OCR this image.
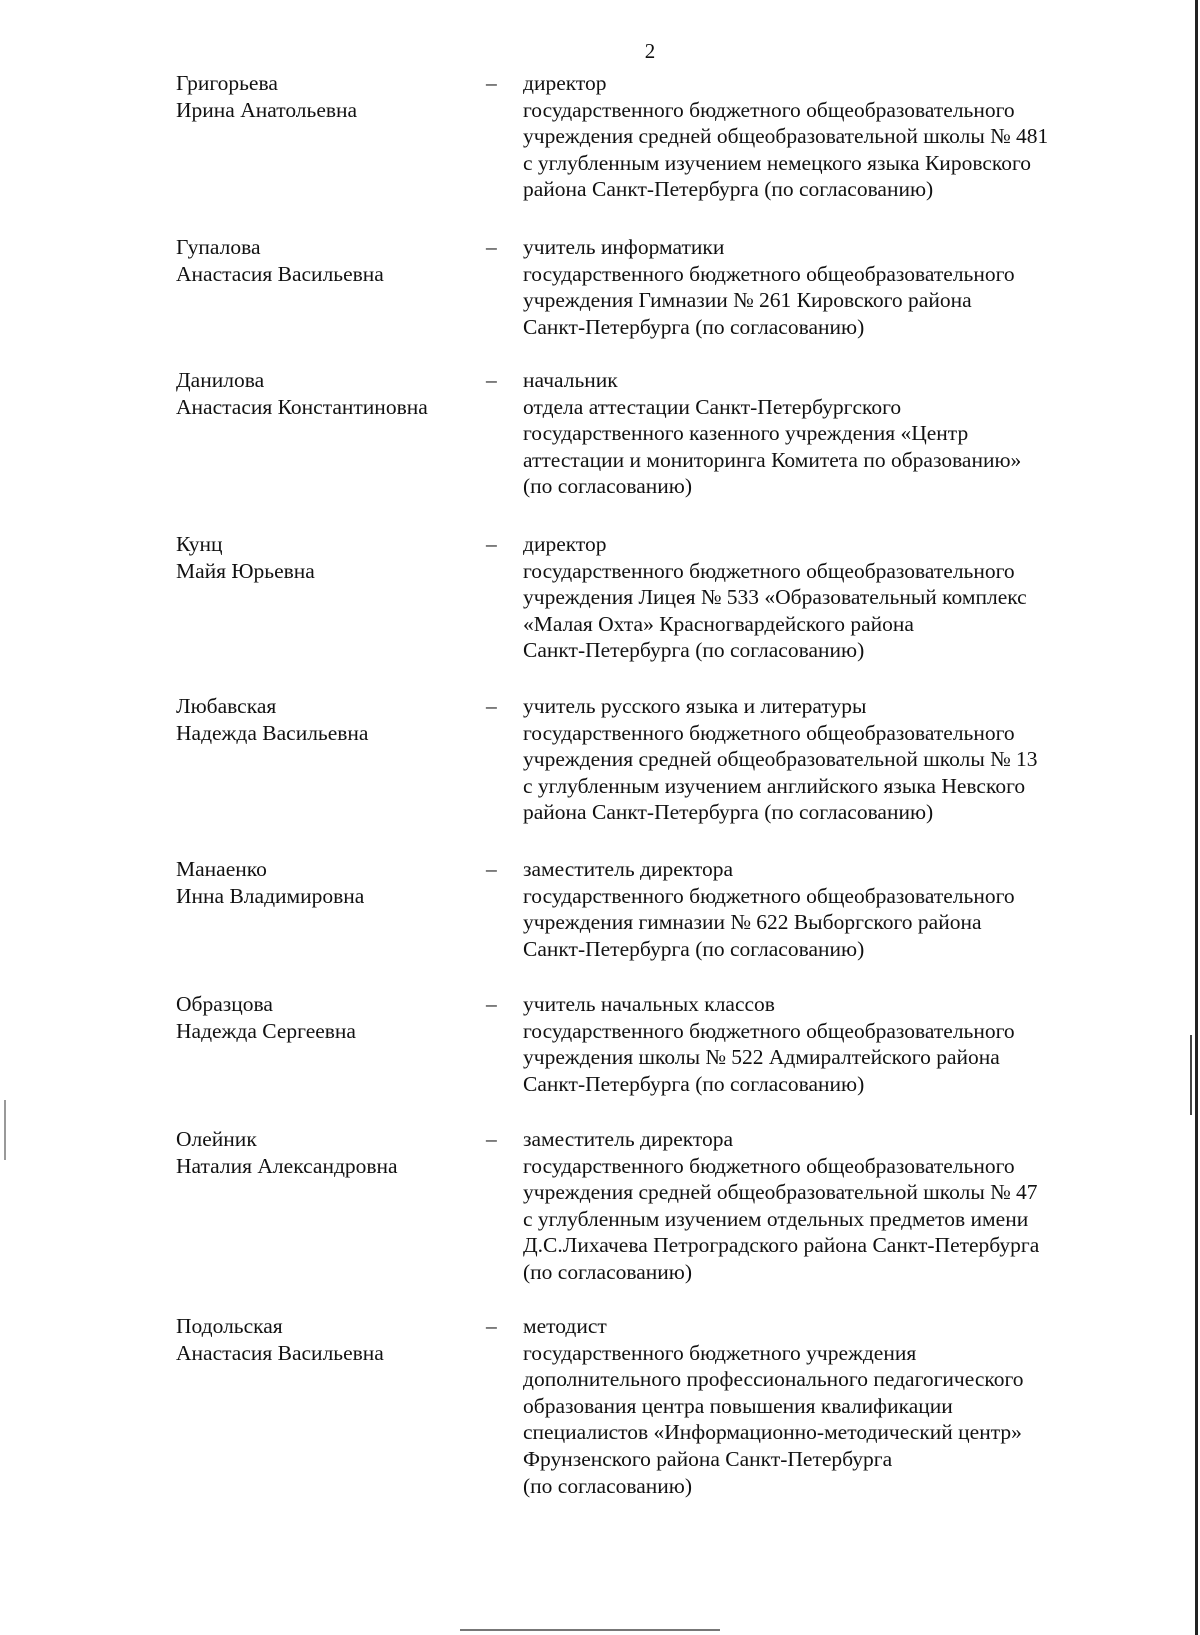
2
Григорьева
Ирина Анатольевна
– директор
государственного бюджетного общеобразовательного
учреждения средней общеобразовательной школы № 481
с углубленным изучением немецкого языка Кировского
района Санкт-Петербурга (по согласованию)
Гупалова
Анастасия Васильевна
– учитель информатики
государственного бюджетного общеобразовательного
учреждения Гимназии № 261 Кировского района
Санкт-Петербурга (по согласованию)
Данилова
Анастасия Константиновна
– начальник
отдела аттестации Санкт-Петербургского
государственного казенного учреждения «Центр
аттестации и мониторинга Комитета по образованию»
(по согласованию)
Кунц
Майя Юрьевна
– директор
государственного бюджетного общеобразовательного
учреждения Лицея № 533 «Образовательный комплекс
«Малая Охта» Красногвардейского района
Санкт-Петербурга (по согласованию)
Любавская
Надежда Васильевна
– учитель русского языка и литературы
государственного бюджетного общеобразовательного
учреждения средней общеобразовательной школы № 13
с углубленным изучением английского языка Невского
района Санкт-Петербурга (по согласованию)
Манаенко
Инна Владимировна
– заместитель директора
государственного бюджетного общеобразовательного
учреждения гимназии № 622 Выборгского района
Санкт-Петербурга (по согласованию)
Образцова
Надежда Сергеевна
– учитель начальных классов
государственного бюджетного общеобразовательного
учреждения школы № 522 Адмиралтейского района
Санкт-Петербурга (по согласованию)
Олейник
Наталия Александровна
– заместитель директора
государственного бюджетного общеобразовательного
учреждения средней общеобразовательной школы № 47
с углубленным изучением отдельных предметов имени
Д.С.Лихачева Петроградского района Санкт-Петербурга
(по согласованию)
Подольская
Анастасия Васильевна
– методист
государственного бюджетного учреждения
дополнительного профессионального педагогического
образования центра повышения квалификации
специалистов «Информационно-методический центр»
Фрунзенского района Санкт-Петербурга
(по согласованию)
